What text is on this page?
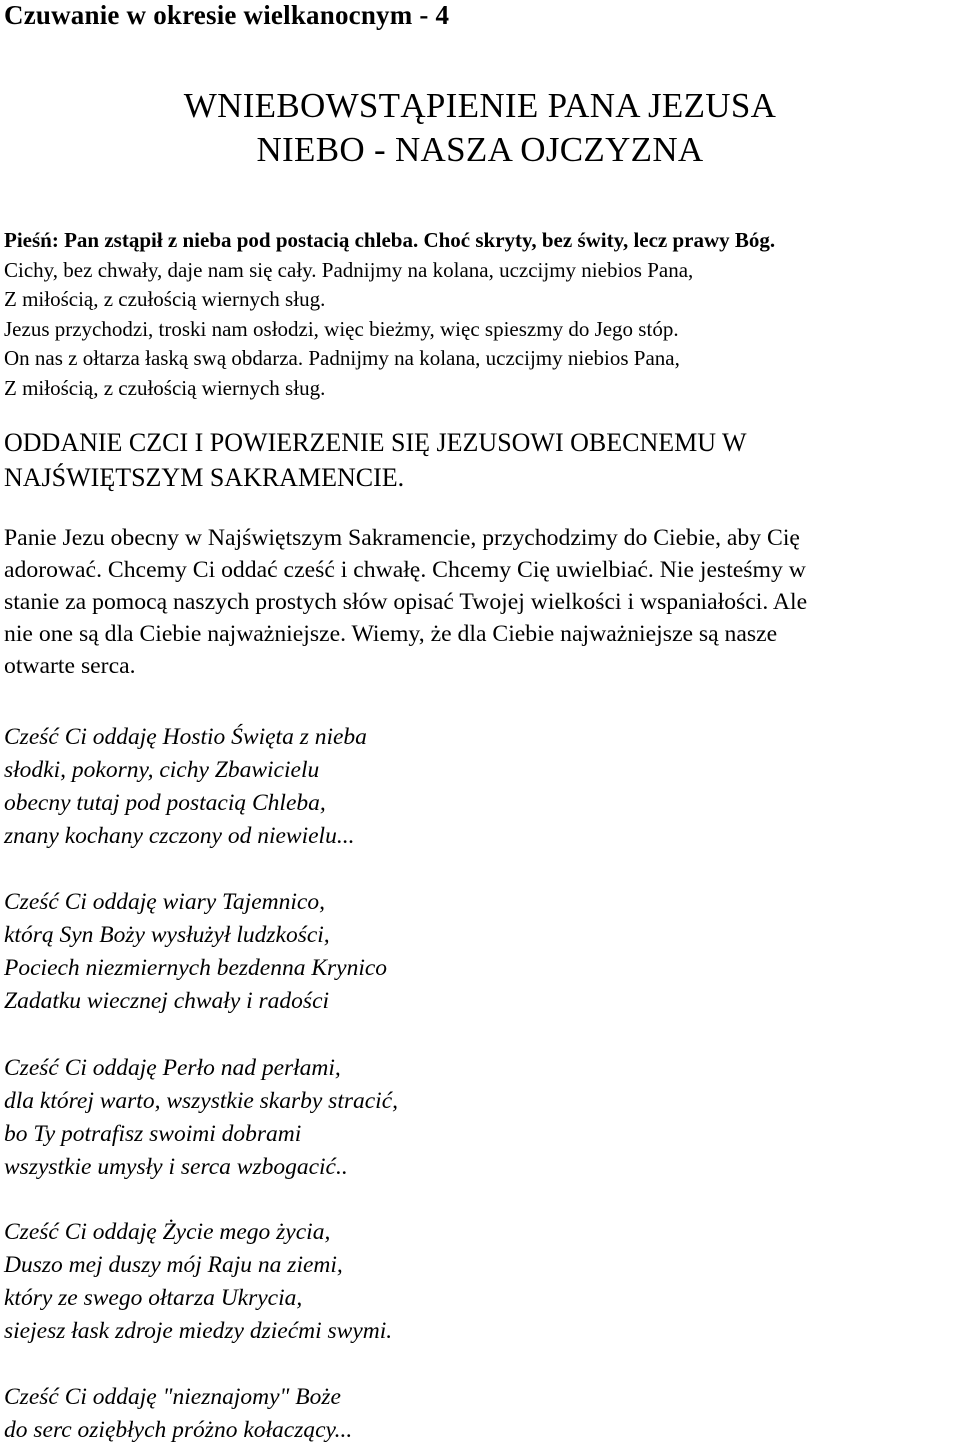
Czuwanie w okresie wielkanocnym - 4
WNIEBOWSTĄPIENIE PANA JEZUSA
NIEBO - NASZA OJCZYZNA
Pieśń: Pan zstąpił z nieba pod postacią chleba. Choć skryty, bez świty, lecz prawy Bóg.
Cichy, bez chwały, daje nam się cały. Padnijmy na kolana, uczcijmy niebios Pana,
Z miłością, z czułością wiernych sług.
Jezus przychodzi, troski nam osłodzi, więc bieżmy, więc spieszmy do Jego stóp.
On nas z ołtarza łaską swą obdarza. Padnijmy na kolana, uczcijmy niebios Pana,
Z miłością, z czułością wiernych sług.
ODDANIE CZCI I POWIERZENIE SIĘ JEZUSOWI OBECNEMU W NAJŚWIĘTSZYM SAKRAMENCIE.
Panie Jezu obecny w Najświętszym Sakramencie, przychodzimy do Ciebie, aby Cię
adorować. Chcemy Ci oddać cześć i chwałę. Chcemy Cię uwielbiać. Nie jesteśmy w
stanie za pomocą naszych prostych słów opisać Twojej wielkości i wspaniałości. Ale
nie one są dla Ciebie najważniejsze. Wiemy, że dla Ciebie najważniejsze są nasze
otwarte serca.
Cześć Ci oddaję Hostio Święta z nieba
słodki, pokorny, cichy Zbawicielu
obecny tutaj pod postacią Chleba,
znany kochany czczony od niewielu...
Cześć Ci oddaję wiary Tajemnico,
którą Syn Boży wysłużył ludzkości,
Pociech niezmiernych bezdenna Krynico
Zadatku wiecznej chwały i radości
Cześć Ci oddaję Perło nad perłami,
dla której warto, wszystkie skarby stracić,
bo Ty potrafisz swoimi dobrami
wszystkie umysły i serca wzbogacić..
Cześć Ci oddaję Życie mego życia,
Duszo mej duszy mój Raju na ziemi,
który ze swego ołtarza Ukrycia,
siejesz łask zdroje miedzy dziećmi swymi.
Cześć Ci oddaję "nieznajomy" Boże
do serc oziębłych próżno kołaczący...
